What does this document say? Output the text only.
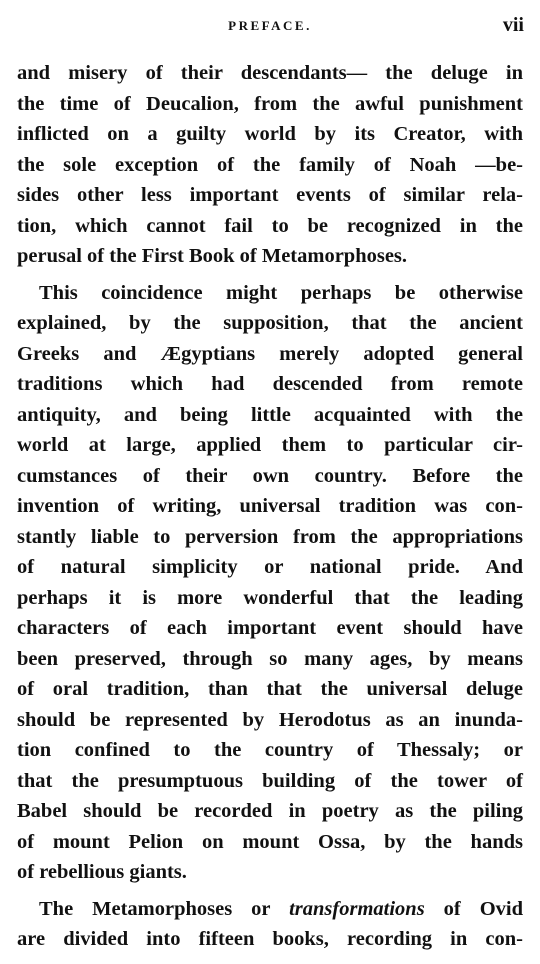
PREFACE.	vii
and misery of their descendants— the deluge in
the time of Deucalion, from the awful punishment
inflicted on a guilty world by its Creator, with
the sole exception of the family of Noah —be-
sides other less important events of similar rela-
tion, which cannot fail to be recognized in the
perusal of the First Book of Metamorphoses.
This coincidence might perhaps be otherwise
explained, by the supposition, that the ancient
Greeks and Ægyptians merely adopted general
traditions which had descended from remote
antiquity, and being little acquainted with the
world at large, applied them to particular cir-
cumstances of their own country. Before the
invention of writing, universal tradition was con-
stantly liable to perversion from the appropriations
of natural simplicity or national pride. And
perhaps it is more wonderful that the leading
characters of each important event should have
been preserved, through so many ages, by means
of oral tradition, than that the universal deluge
should be represented by Herodotus as an inunda-
tion confined to the country of Thessaly; or
that the presumptuous building of the tower of
Babel should be recorded in poetry as the piling
of mount Pelion on mount Ossa, by the hands
of rebellious giants.
The Metamorphoses or transformations of Ovid
are divided into fifteen books, recording in con-
